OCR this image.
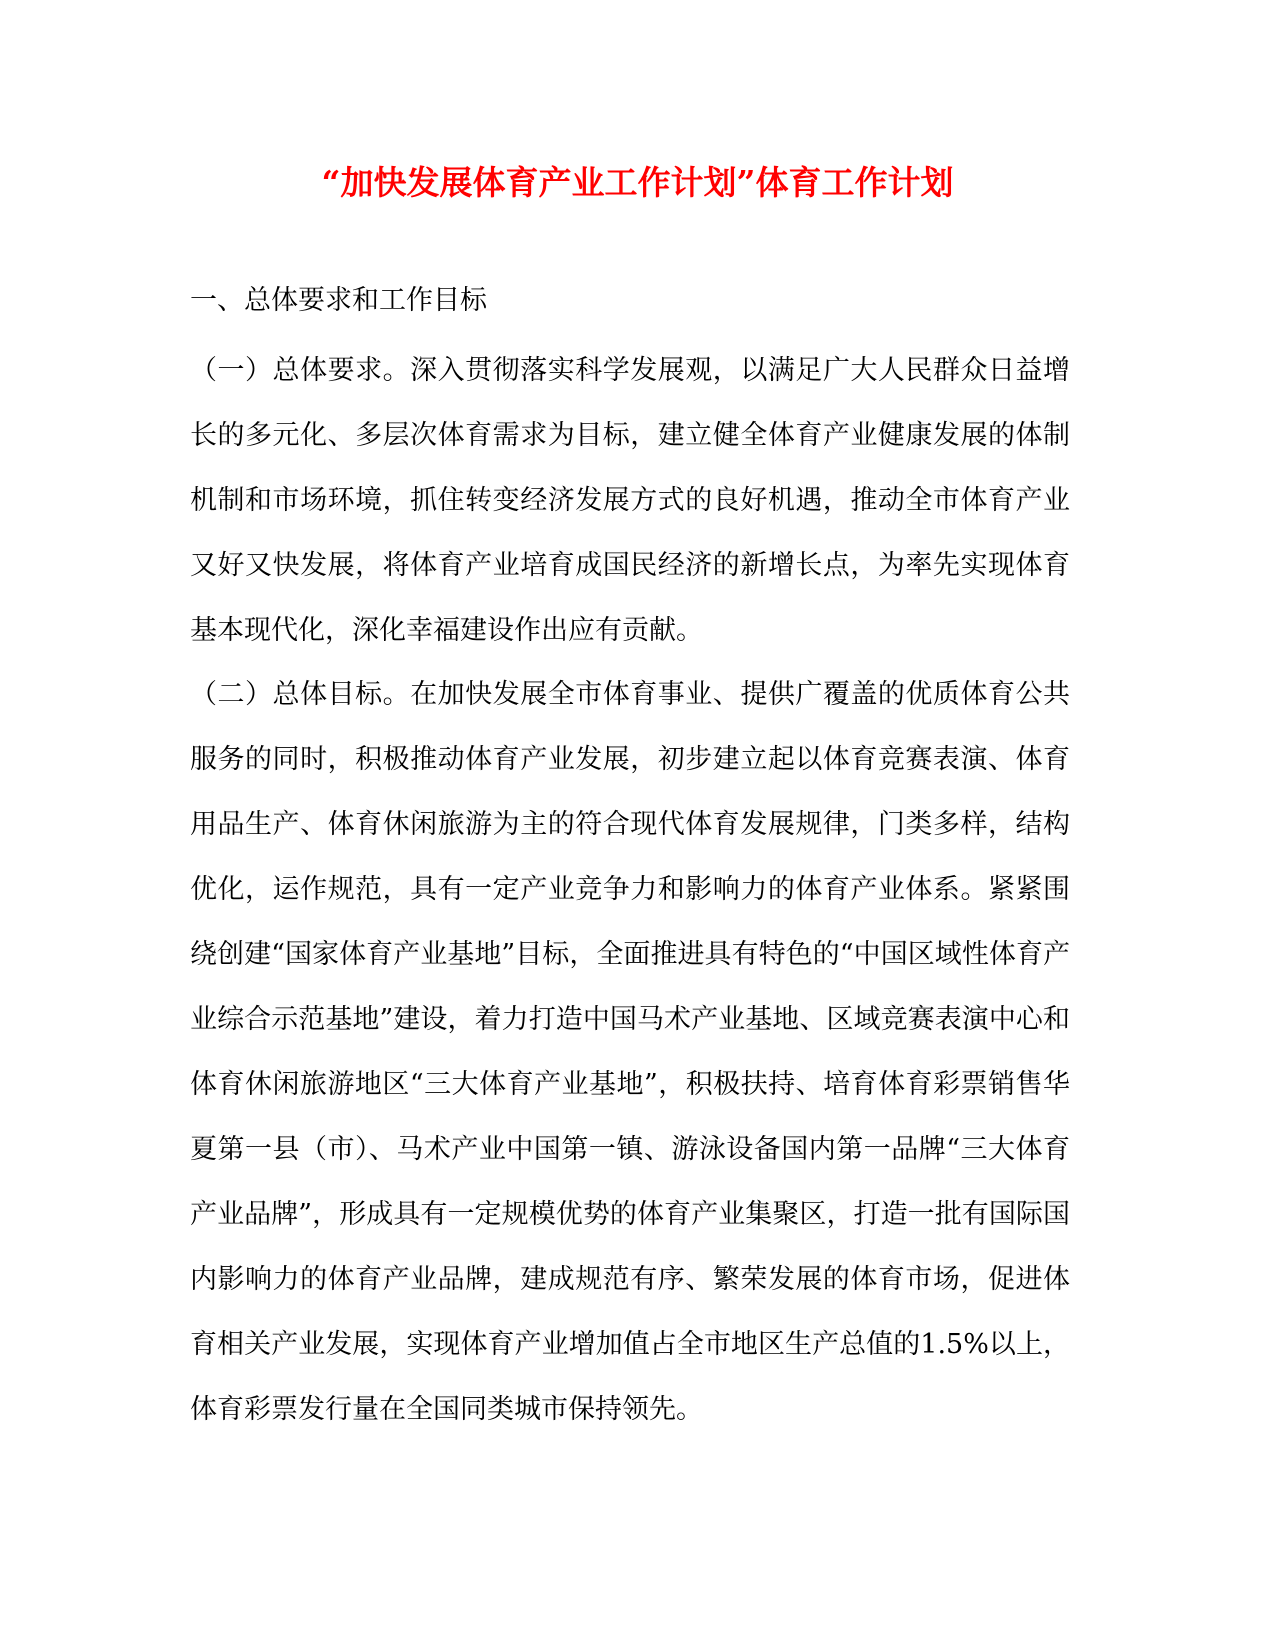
“加快发展体育产业工作计划”体育工作计划
一、总体要求和工作目标

（一）总体要求。深入贯彻落实科学发展观，以满足广大人民群众日益增长的多元化、多层次体育需求为目标，建立健全体育产业健康发展的体制机制和市场环境，抓住转变经济发展方式的良好机遇，推动全市体育产业又好又快发展，将体育产业培育成国民经济的新增长点，为率先实现体育基本现代化，深化幸福建设作出应有贡献。

（二）总体目标。在加快发展全市体育事业、提供广覆盖的优质体育公共服务的同时，积极推动体育产业发展，初步建立起以体育竞赛表演、体育用品生产、体育休闲旅游为主的符合现代体育发展规律，门类多样，结构优化，运作规范，具有一定产业竞争力和影响力的体育产业体系。紧紧围绕创建“国家体育产业基地”目标，全面推进具有特色的“中国区域性体育产业综合示范基地”建设，着力打造中国马术产业基地、区域竞赛表演中心和体育休闲旅游地区“三大体育产业基地”，积极扶持、培育体育彩票销售华夏第一县（市）、马术产业中国第一镇、游泳设备国内第一品牌“三大体育产业品牌”，形成具有一定规模优势的体育产业集聚区，打造一批有国际国内影响力的体育产业品牌，建成规范有序、繁荣发展的体育市场，促进体育相关产业发展，实现体育产业增加值占全市地区生产总值的1.5%以上，体育彩票发行量在全国同类城市保持领先。
